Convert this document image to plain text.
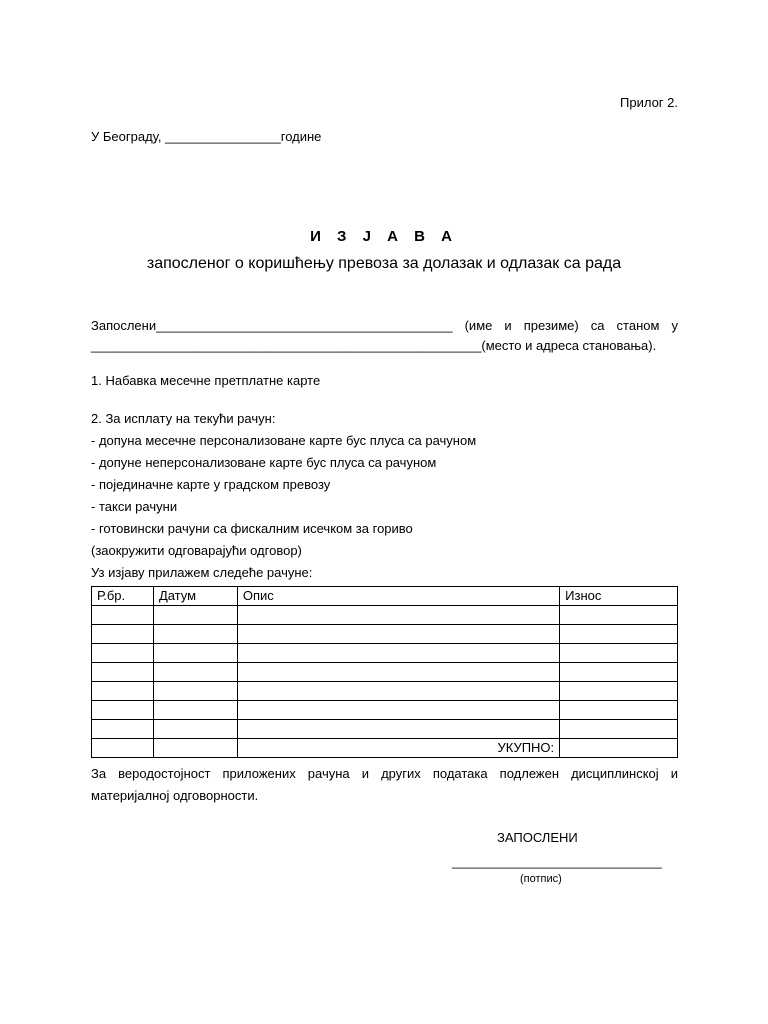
Прилог 2.
У Београду, ________________године
И З Ј А В А
запосленог о коришћењу превоза за долазак и одлазак са рада
Запослени_________________________________________ (име и презиме) са станом у
______________________________________________________(место и адреса становања).
1. Набавка месечне претплатне карте
2. За исплату на текући рачун:
- допуна месечне персонализоване карте бус плуса са рачуном
- допуне неперсонализоване карте бус плуса са рачуном
- појединачне карте у градском превозу
- такси рачуни
- готовински рачуни са фискалним исечком за гориво
(заокружити одговарајући одговор)
Уз изјаву прилажем следеће рачуне:
Р.бр.	Датум	Опис	Износ

		УКУПНО:	
За веродостојност приложених рачуна и других података подлежен дисциплинској и материјалној одговорности.
ЗАПОСЛЕНИ
_____________________________
(потпис)
